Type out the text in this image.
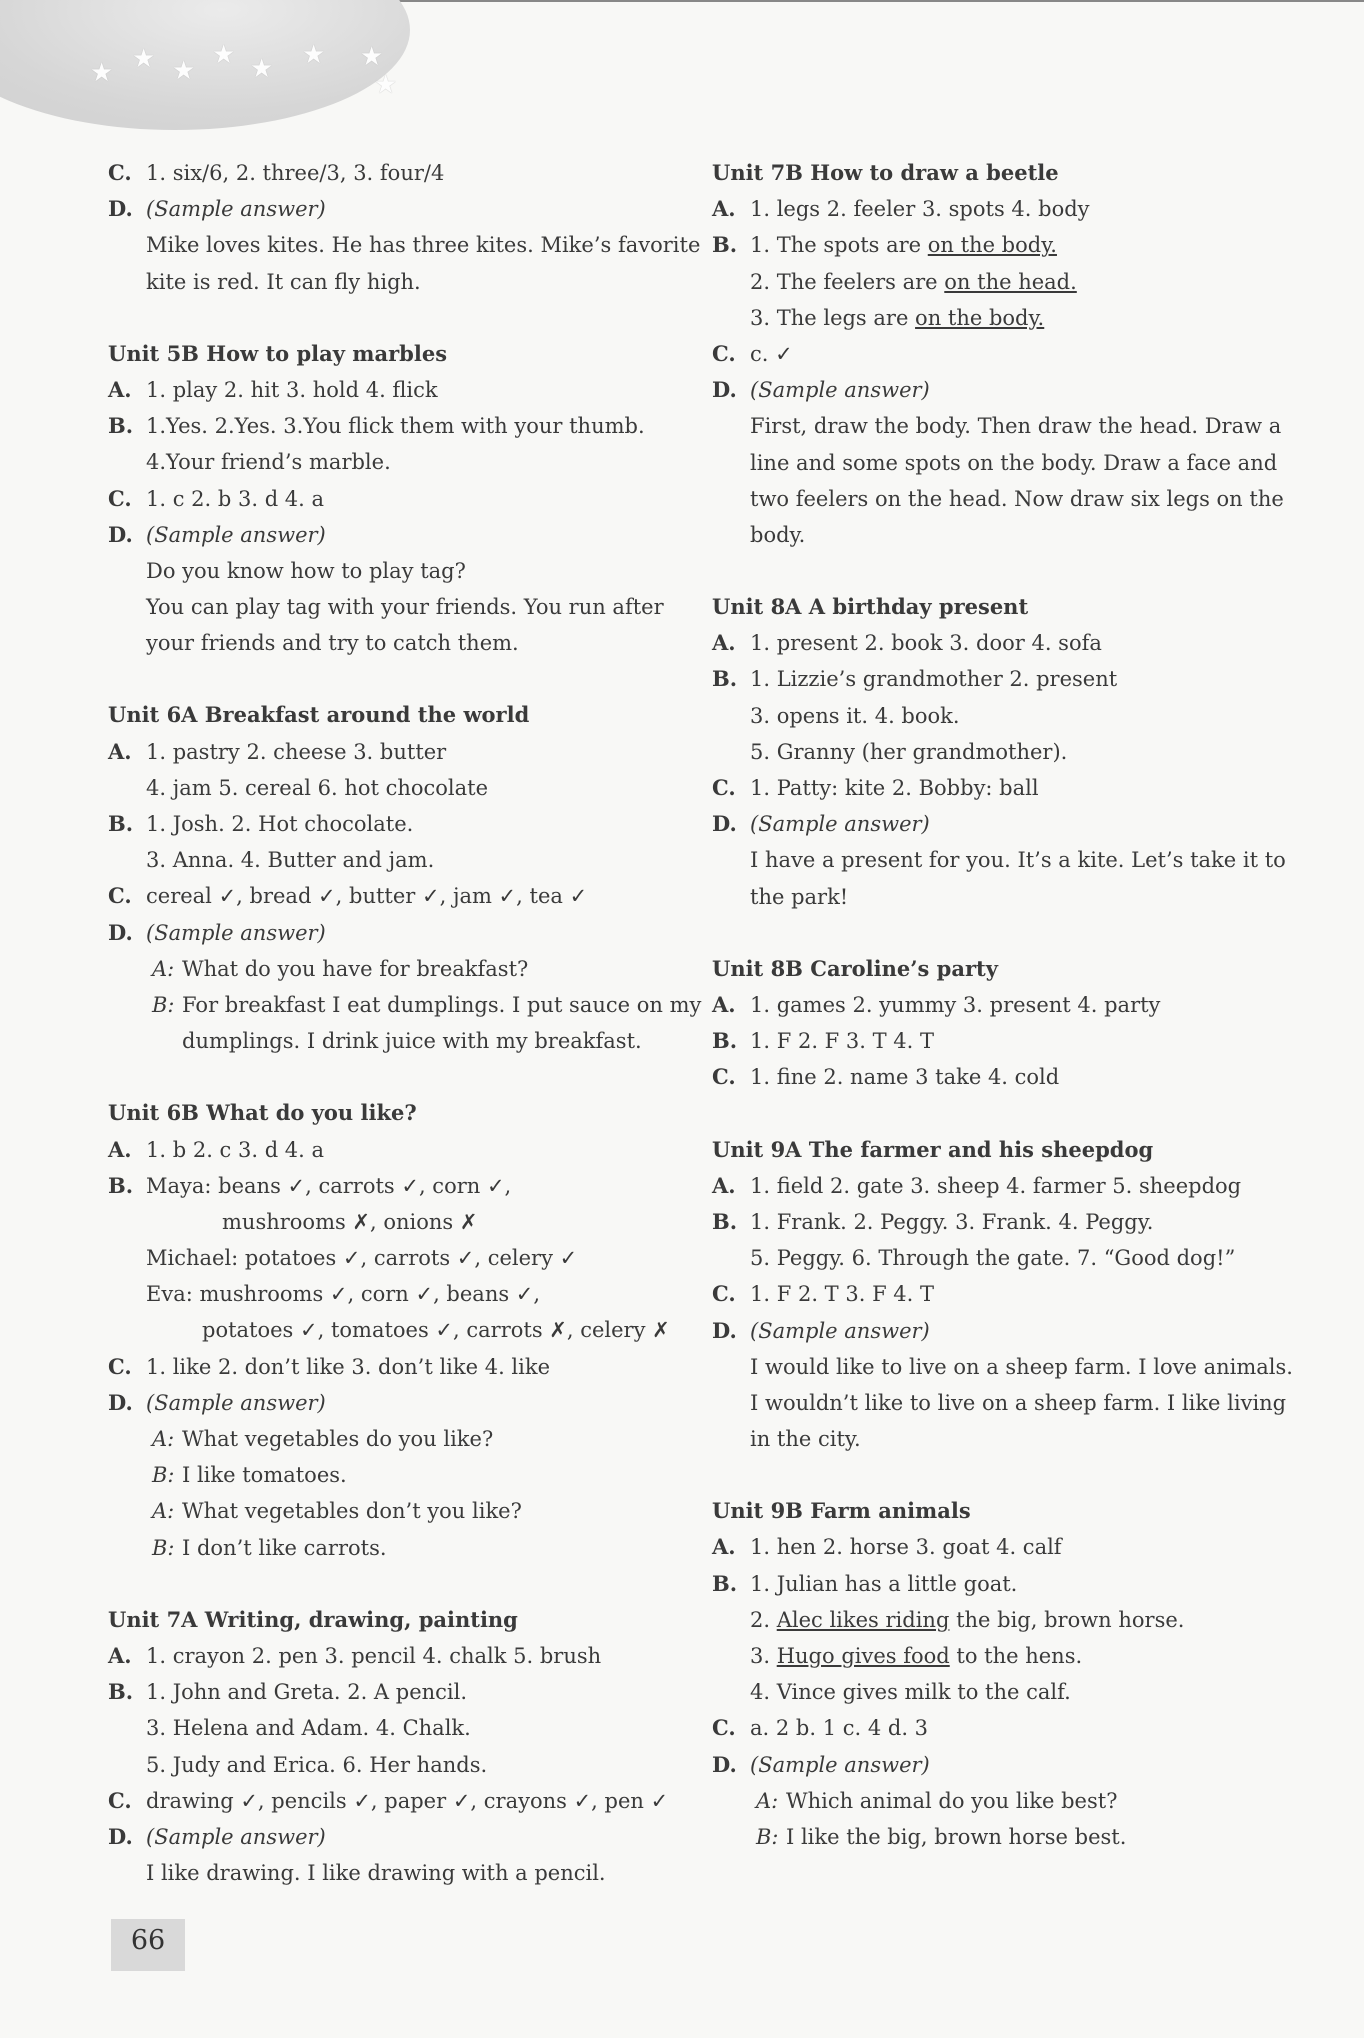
★ ★ ★
★ ★ ★ ★
★
C. 1. six/6, 2. three/3, 3. four/4
D. (Sample answer)
Mike loves kites. He has three kites. Mike’s favorite
kite is red. It can fly high.
Unit 5B How to play marbles
A. 1. play 2. hit 3. hold 4. flick
B. 1.Yes. 2.Yes. 3.You flick them with your thumb.
4.Your friend’s marble.
C. 1. c 2. b 3. d 4. a
D. (Sample answer)
Do you know how to play tag?
You can play tag with your friends. You run after
your friends and try to catch them.
Unit 6A Breakfast around the world
A. 1. pastry 2. cheese 3. butter
4. jam 5. cereal 6. hot chocolate
B. 1. Josh. 2. Hot chocolate.
3. Anna. 4. Butter and jam.
C. cereal ✓, bread ✓, butter ✓, jam ✓, tea ✓
D. (Sample answer)
A: What do you have for breakfast?
B: For breakfast I eat dumplings. I put sauce on my
dumplings. I drink juice with my breakfast.
Unit 6B What do you like?
A. 1. b 2. c 3. d 4. a
B. Maya: beans ✓, carrots ✓, corn ✓,
mushrooms ✗, onions ✗
Michael: potatoes ✓, carrots ✓, celery ✓
Eva: mushrooms ✓, corn ✓, beans ✓,
potatoes ✓, tomatoes ✓, carrots ✗, celery ✗
C. 1. like 2. don’t like 3. don’t like 4. like
D. (Sample answer)
A: What vegetables do you like?
B: I like tomatoes.
A: What vegetables don’t you like?
B: I don’t like carrots.
Unit 7A Writing, drawing, painting
A. 1. crayon 2. pen 3. pencil 4. chalk 5. brush
B. 1. John and Greta. 2. A pencil.
3. Helena and Adam. 4. Chalk.
5. Judy and Erica. 6. Her hands.
C. drawing ✓, pencils ✓, paper ✓, crayons ✓, pen ✓
D. (Sample answer)
I like drawing. I like drawing with a pencil.
Unit 7B How to draw a beetle
A. 1. legs 2. feeler 3. spots 4. body
B. 1. The spots are on the body.
2. The feelers are on the head.
3. The legs are on the body.
C. c. ✓
D. (Sample answer)
First, draw the body. Then draw the head. Draw a
line and some spots on the body. Draw a face and
two feelers on the head. Now draw six legs on the
body.
Unit 8A A birthday present
A. 1. present 2. book 3. door 4. sofa
B. 1. Lizzie’s grandmother 2. present
3. opens it. 4. book.
5. Granny (her grandmother).
C. 1. Patty: kite 2. Bobby: ball
D. (Sample answer)
I have a present for you. It’s a kite. Let’s take it to
the park!
Unit 8B Caroline’s party
A. 1. games 2. yummy 3. present 4. party
B. 1. F 2. F 3. T 4. T
C. 1. fine 2. name 3 take 4. cold
Unit 9A The farmer and his sheepdog
A. 1. field 2. gate 3. sheep 4. farmer 5. sheepdog
B. 1. Frank. 2. Peggy. 3. Frank. 4. Peggy.
5. Peggy. 6. Through the gate. 7. “Good dog!”
C. 1. F 2. T 3. F 4. T
D. (Sample answer)
I would like to live on a sheep farm. I love animals.
I wouldn’t like to live on a sheep farm. I like living
in the city.
Unit 9B Farm animals
A. 1. hen 2. horse 3. goat 4. calf
B. 1. Julian has a little goat.
2. Alec likes riding the big, brown horse.
3. Hugo gives food to the hens.
4. Vince gives milk to the calf.
C. a. 2 b. 1 c. 4 d. 3
D. (Sample answer)
A: Which animal do you like best?
B: I like the big, brown horse best.
66
